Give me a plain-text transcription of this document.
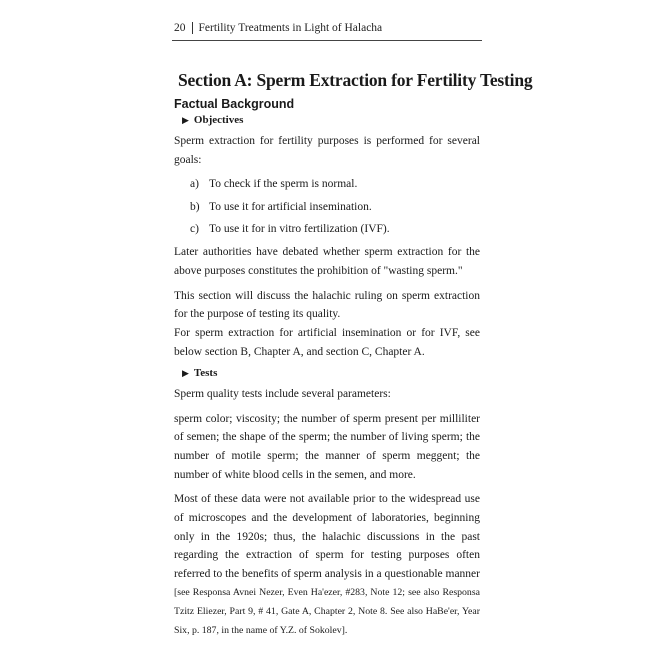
20 Fertility Treatments in Light of Halacha
Section A: Sperm Extraction for Fertility Testing
Factual Background
▶ Objectives

Sperm extraction for fertility purposes is performed for several goals:

a) To check if the sperm is normal.
b) To use it for artificial insemination.
c) To use it for in vitro fertilization (IVF).

Later authorities have debated whether sperm extraction for the above purposes constitutes the prohibition of "wasting sperm."

This section will discuss the halachic ruling on sperm extraction for the purpose of testing its quality.

For sperm extraction for artificial insemination or for IVF, see below section B, Chapter A, and section C, Chapter A.

▶ Tests

Sperm quality tests include several parameters:

sperm color; viscosity; the number of sperm present per milliliter of semen; the shape of the sperm; the number of living sperm; the number of motile sperm; the manner of sperm meggent; the number of white blood cells in the semen, and more.

Most of these data were not available prior to the widespread use of microscopes and the development of laboratories, beginning only in the 1920s; thus, the halachic discussions in the past regarding the extraction of sperm for testing purposes often referred to the benefits of sperm analysis in a questionable manner [see Responsa Avnei Nezer, Even Ha'ezer, #283, Note 12; see also Responsa Tzitz Eliezer, Part 9, # 41, Gate A, Chapter 2, Note 8. See also HaBe'er, Year Six, p. 187, in the name of Y.Z. of Sokolev].
